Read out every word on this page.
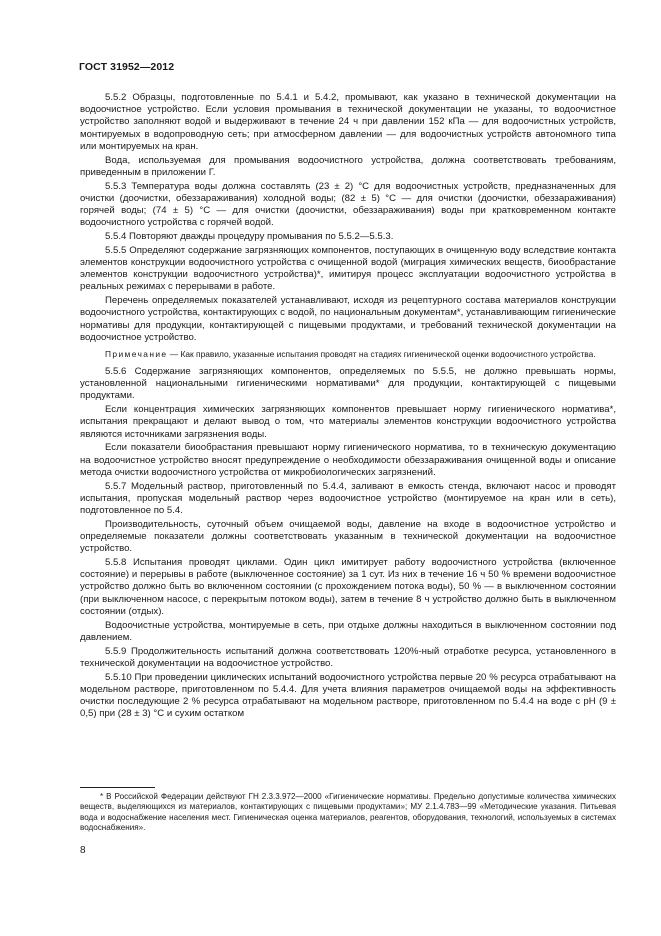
ГОСТ 31952—2012

5.5.2 Образцы, подготовленные по 5.4.1 и 5.4.2, промывают, как указано в технической документации на водоочистное устройство. Если условия промывания в технической документации не указаны, то водоочистное устройство заполняют водой и выдерживают в течение 24 ч при давлении 152 кПа — для водоочистных устройств, монтируемых в водопроводную сеть; при атмосферном давлении — для водоочистных устройств автономного типа или монтируемых на кран.

Вода, используемая для промывания водоочистного устройства, должна соответствовать требованиям, приведенным в приложении Г.

5.5.3 Температура воды должна составлять (23 ± 2) °C для водоочистных устройств, предназначенных для очистки (доочистки, обеззараживания) холодной воды; (82 ± 5) °C — для очистки (доочистки, обеззараживания) горячей воды; (74 ± 5) °C — для очистки (доочистки, обеззараживания) воды при кратковременном контакте водоочистного устройства с горячей водой.

5.5.4 Повторяют дважды процедуру промывания по 5.5.2—5.5.3.

5.5.5 Определяют содержание загрязняющих компонентов, поступающих в очищенную воду вследствие контакта элементов конструкции водоочистного устройства с очищенной водой (миграция химических веществ, биообрастание элементов конструкции водоочистного устройства)*, имитируя процесс эксплуатации водоочистного устройства в реальных режимах с перерывами в работе.

Перечень определяемых показателей устанавливают, исходя из рецептурного состава материалов конструкции водоочистного устройства, контактирующих с водой, по национальным документам*, устанавливающим гигиенические нормативы для продукции, контактирующей с пищевыми продуктами, и требований технической документации на водоочистное устройство.

Примечание — Как правило, указанные испытания проводят на стадиях гигиенической оценки водоочистного устройства.

5.5.6 Содержание загрязняющих компонентов, определяемых по 5.5.5, не должно превышать нормы, установленной национальными гигиеническими нормативами* для продукции, контактирующей с пищевыми продуктами.

Если концентрация химических загрязняющих компонентов превышает норму гигиенического норматива*, испытания прекращают и делают вывод о том, что материалы элементов конструкции водоочистного устройства являются источниками загрязнения воды.

Если показатели биообрастания превышают норму гигиенического норматива, то в техническую документацию на водоочистное устройство вносят предупреждение о необходимости обеззараживания очищенной воды и описание метода очистки водоочистного устройства от микробиологических загрязнений.

5.5.7 Модельный раствор, приготовленный по 5.4.4, заливают в емкость стенда, включают насос и проводят испытания, пропуская модельный раствор через водоочистное устройство (монтируемое на кран или в сеть), подготовленное по 5.4.

Производительность, суточный объем очищаемой воды, давление на входе в водоочистное устройство и определяемые показатели должны соответствовать указанным в технической документации на водоочистное устройство.

5.5.8 Испытания проводят циклами. Один цикл имитирует работу водоочистного устройства (включенное состояние) и перерывы в работе (выключенное состояние) за 1 сут. Из них в течение 16 ч 50 % времени водоочистное устройство должно быть во включенном состоянии (с прохождением потока воды), 50 % — в выключенном состоянии (при выключенном насосе, с перекрытым потоком воды), затем в течение 8 ч устройство должно быть в выключенном состоянии (отдых).

Водоочистные устройства, монтируемые в сеть, при отдыхе должны находиться в выключенном состоянии под давлением.

5.5.9 Продолжительность испытаний должна соответствовать 120%-ный отработке ресурса, установленного в технической документации на водоочистное устройство.

5.5.10 При проведении циклических испытаний водоочистного устройства первые 20 % ресурса отрабатывают на модельном растворе, приготовленном по 5.4.4. Для учета влияния параметров очищаемой воды на эффективность очистки последующие 2 % ресурса отрабатывают на модельном растворе, приготовленном по 5.4.4 на воде с рН (9 ± 0,5) при (28 ± 3) °C и сухим остатком

* В Российской Федерации действуют ГН 2.3.3.972—2000 «Гигиенические нормативы. Предельно допустимые количества химических веществ, выделяющихся из материалов, контактирующих с пищевыми продуктами»; МУ 2.1.4.783—99 «Методические указания. Питьевая вода и водоснабжение населения мест. Гигиеническая оценка материалов, реагентов, оборудования, технологий, используемых в системах водоснабжения».

8
